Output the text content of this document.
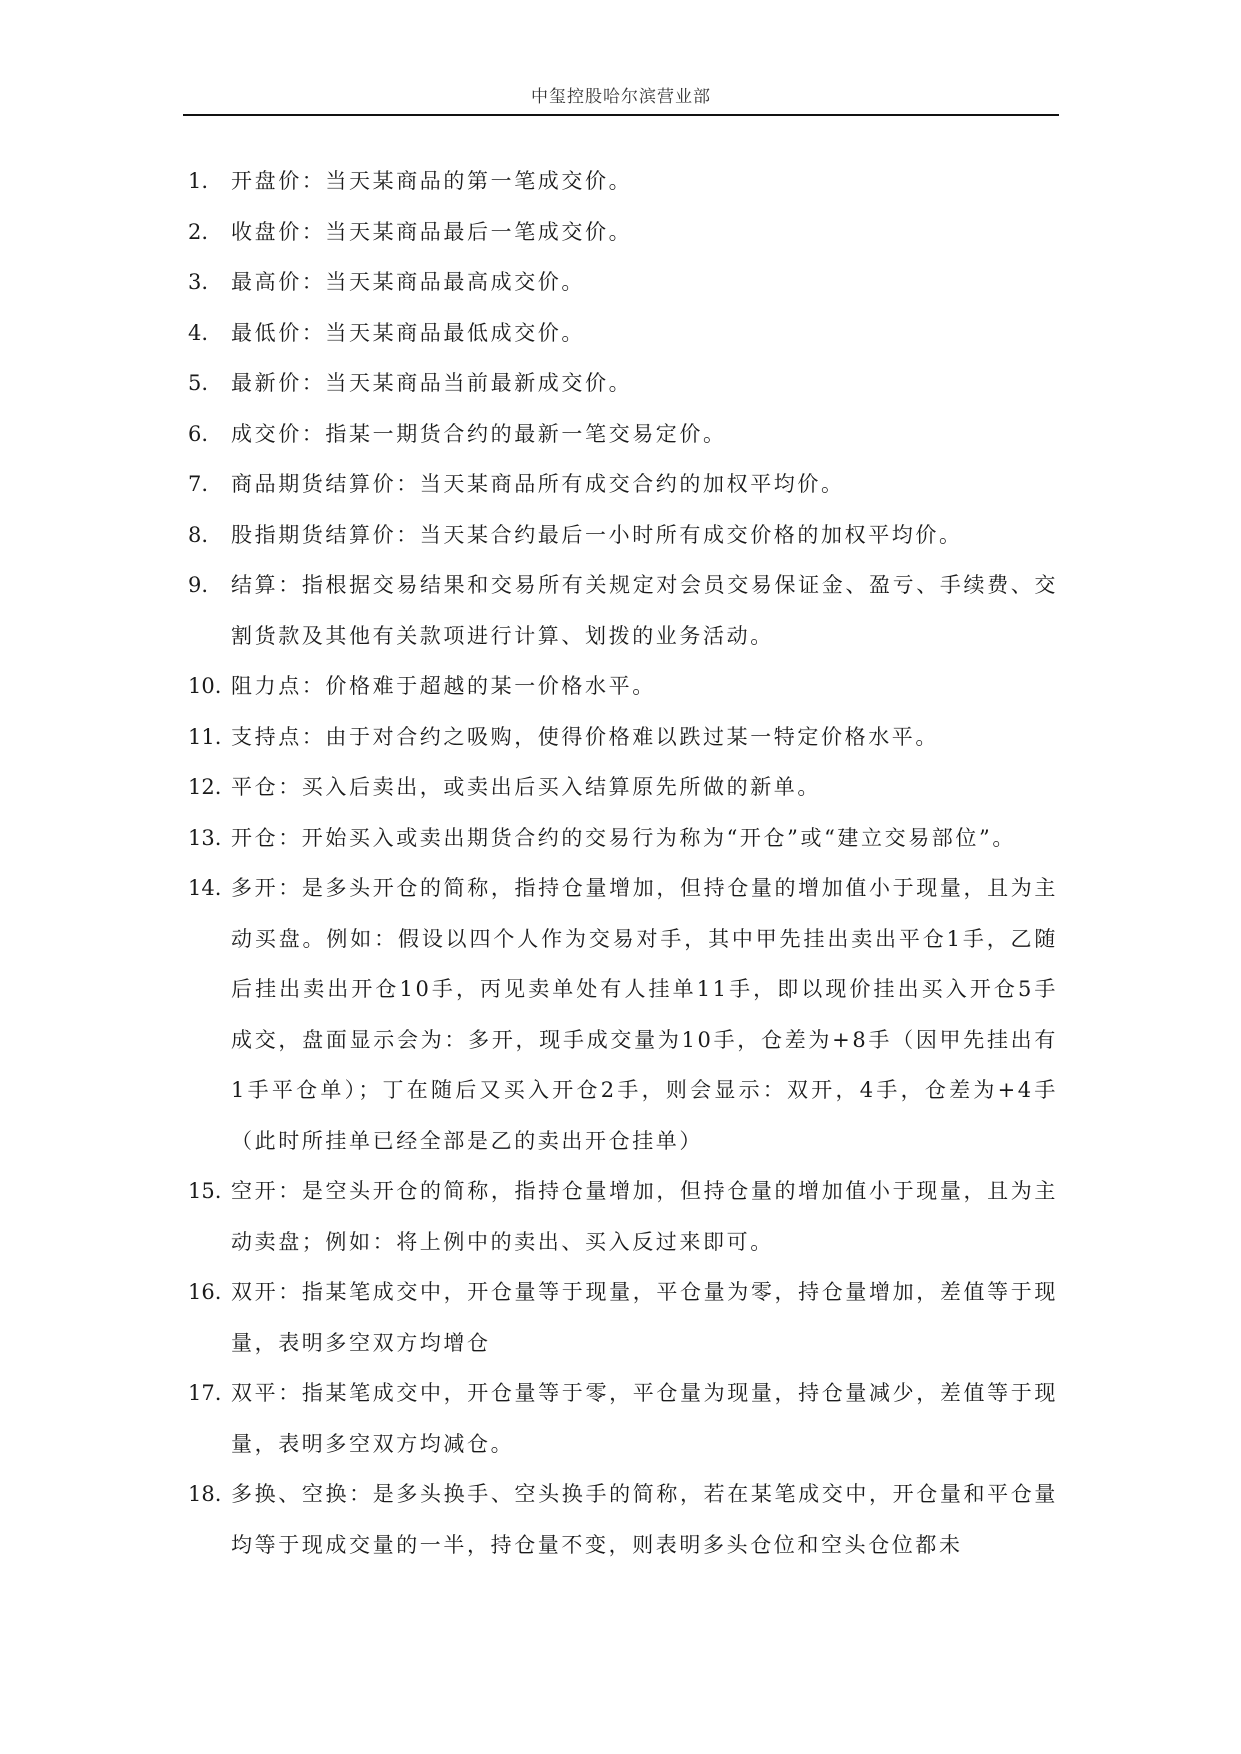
中玺控股哈尔滨营业部
1.	开盘价：当天某商品的第一笔成交价。
2.	收盘价：当天某商品最后一笔成交价。
3.	最高价：当天某商品最高成交价。
4.	最低价：当天某商品最低成交价。
5.	最新价：当天某商品当前最新成交价。
6.	成交价：指某一期货合约的最新一笔交易定价。
7.	商品期货结算价：当天某商品所有成交合约的加权平均价。
8.	股指期货结算价：当天某合约最后一小时所有成交价格的加权平均价。
9.	结算：指根据交易结果和交易所有关规定对会员交易保证金、盈亏、手续费、交割货款及其他有关款项进行计算、划拨的业务活动。
10. 阻力点：价格难于超越的某一价格水平。
11. 支持点：由于对合约之吸购，使得价格难以跌过某一特定价格水平。
12. 平仓：买入后卖出，或卖出后买入结算原先所做的新单。
13. 开仓：开始买入或卖出期货合约的交易行为称为“开仓”或“建立交易部位”。
14. 多开：是多头开仓的简称，指持仓量增加，但持仓量的增加值小于现量，且为主动买盘。例如：假设以四个人作为交易对手，其中甲先挂出卖出平仓1手，乙随后挂出卖出开仓10手，丙见卖单处有人挂单11手，即以现价挂出买入开仓5手成交，盘面显示会为：多开，现手成交量为10手，仓差为+8手（因甲先挂出有1手平仓单）；丁在随后又买入开仓2手，则会显示：双开，4手，仓差为+4手（此时所挂单已经全部是乙的卖出开仓挂单）
15. 空开：是空头开仓的简称，指持仓量增加，但持仓量的增加值小于现量，且为主动卖盘；例如：将上例中的卖出、买入反过来即可。
16. 双开：指某笔成交中，开仓量等于现量，平仓量为零，持仓量增加，差值等于现量，表明多空双方均增仓
17. 双平：指某笔成交中，开仓量等于零，平仓量为现量，持仓量减少，差值等于现量，表明多空双方均减仓。
18. 多换、空换：是多头换手、空头换手的简称，若在某笔成交中，开仓量和平仓量均等于现成交量的一半，持仓量不变，则表明多头仓位和空头仓位都未
